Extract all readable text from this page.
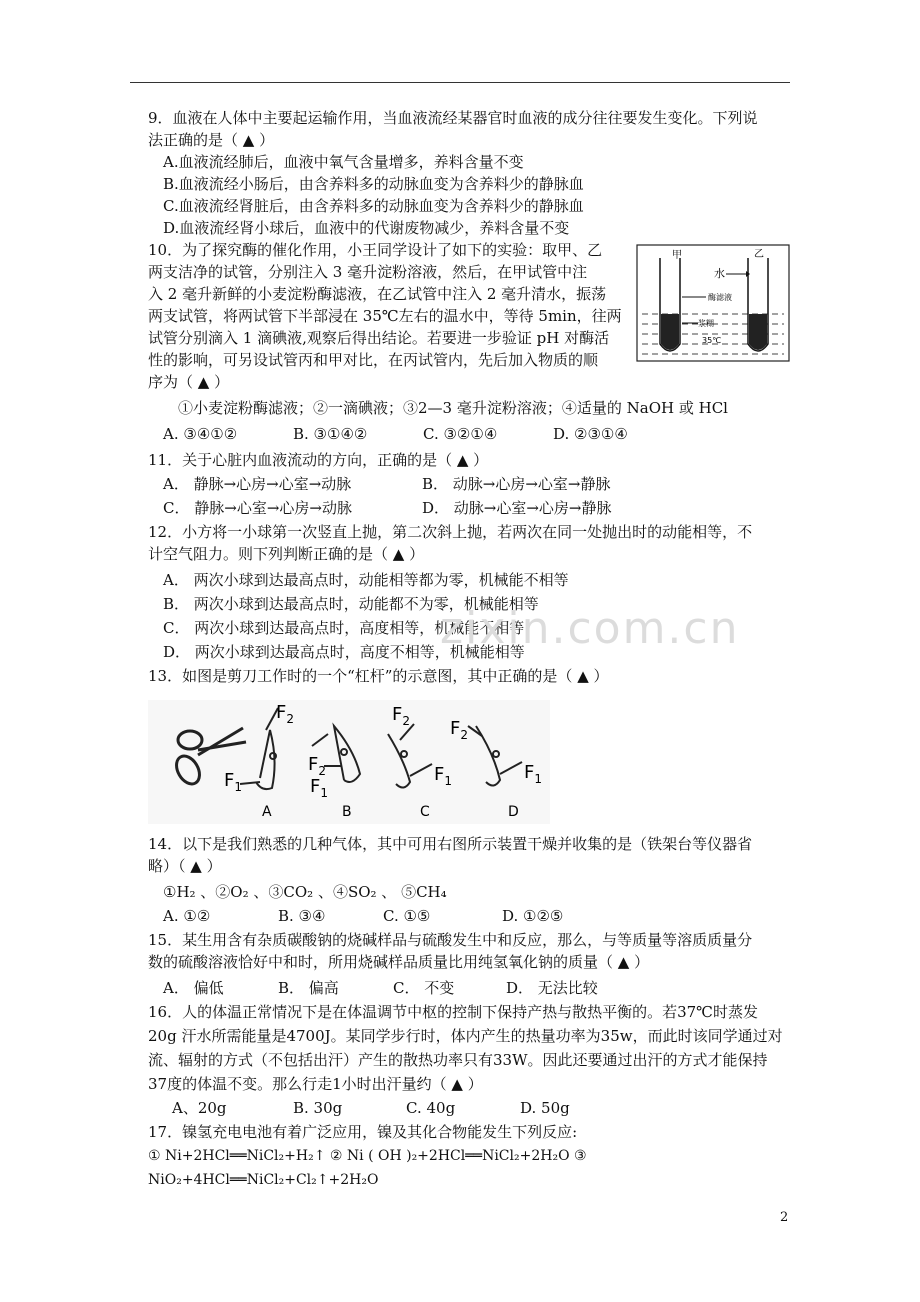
9．血液在人体中主要起运输作用，当血液流经某器官时血液的成分往往要发生变化。下列说
法正确的是（ ▲ ）
A.血液流经肺后，血液中氧气含量增多，养料含量不变
B.血液流经小肠后，由含养料多的动脉血变为含养料少的静脉血
C.血液流经肾脏后，由含养料多的动脉血变为含养料少的静脉血
D.血液流经肾小球后，血液中的代谢废物减少，养料含量不变
10．为了探究酶的催化作用，小王同学设计了如下的实验：取甲、乙
两支洁净的试管，分别注入 3 毫升淀粉溶液，然后，在甲试管中注
入 2 毫升新鲜的小麦淀粉酶滤液，在乙试管中注入 2 毫升清水，振荡
两支试管，将两试管下半部浸在 35℃左右的温水中，等待 5min，往两
试管分别滴入 1 滴碘液,观察后得出结论。若要进一步验证 pH 对酶活
性的影响，可另设试管丙和甲对比，在丙试管内，先后加入物质的顺
序为（ ▲ ）
①小麦淀粉酶滤液；②一滴碘液；③2—3 毫升淀粉溶液；④适量的 NaOH 或 HCl
A. ③④①②	B. ③①④②	C. ③②①④	D. ②③①④
甲	乙
水
酶滤液
浆糊
35℃
11．关于心脏内血液流动的方向，正确的是（ ▲ ）
A． 静脉→心房→心室→动脉	B． 动脉→心房→心室→静脉
C． 静脉→心室→心房→动脉	D． 动脉→心室→心房→静脉
12．小方将一小球第一次竖直上抛，第二次斜上抛，若两次在同一处抛出时的动能相等，不
计空气阻力。则下列判断正确的是（ ▲ ）
A． 两次小球到达最高点时，动能相等都为零，机械能不相等
B． 两次小球到达最高点时，动能都不为零，机械能相等
C． 两次小球到达最高点时，高度相等，机械能不相等
D． 两次小球到达最高点时，高度不相等，机械能相等
zixin.com.cn
13．如图是剪刀工作时的一个“杠杆”的示意图，其中正确的是（ ▲ ）
$F_2$
$F_1$
A
$F_2$
$F_1$
B
$F_2$
$F_1$
C
$F_2$
$F_1$
D
14．以下是我们熟悉的几种气体，其中可用右图所示装置干燥并收集的是（铁架台等仪器省
略）（ ▲ ）
①H₂ 、②O₂ 、③CO₂ 、④SO₂ 、 ⑤CH₄
A. ①②	B. ③④	C. ①⑤	D. ①②⑤
15．某生用含有杂质碳酸钠的烧碱样品与硫酸发生中和反应，那么，与等质量等溶质质量分
数的硫酸溶液恰好中和时，所用烧碱样品质量比用纯氢氧化钠的质量（ ▲ ）
A． 偏低	B． 偏高	C． 不变	D． 无法比较
16．人的体温正常情况下是在体温调节中枢的控制下保持产热与散热平衡的。若37℃时蒸发
20g 汗水所需能量是4700J。某同学步行时，体内产生的热量功率为35w，而此时该同学通过对
流、辐射的方式（不包括出汗）产生的散热功率只有33W。因此还要通过出汗的方式才能保持
37度的体温不变。那么行走1小时出汗量约（ ▲ ）
A、20g	B. 30g	C. 40g	D. 50g
17．镍氢充电电池有着广泛应用，镍及其化合物能发生下列反应:
① Ni+2HCl══NiCl₂+H₂↑ ② Ni ( OH )₂+2HCl══NiCl₂+2H₂O ③
NiO₂+4HCl══NiCl₂+Cl₂↑+2H₂O
2
